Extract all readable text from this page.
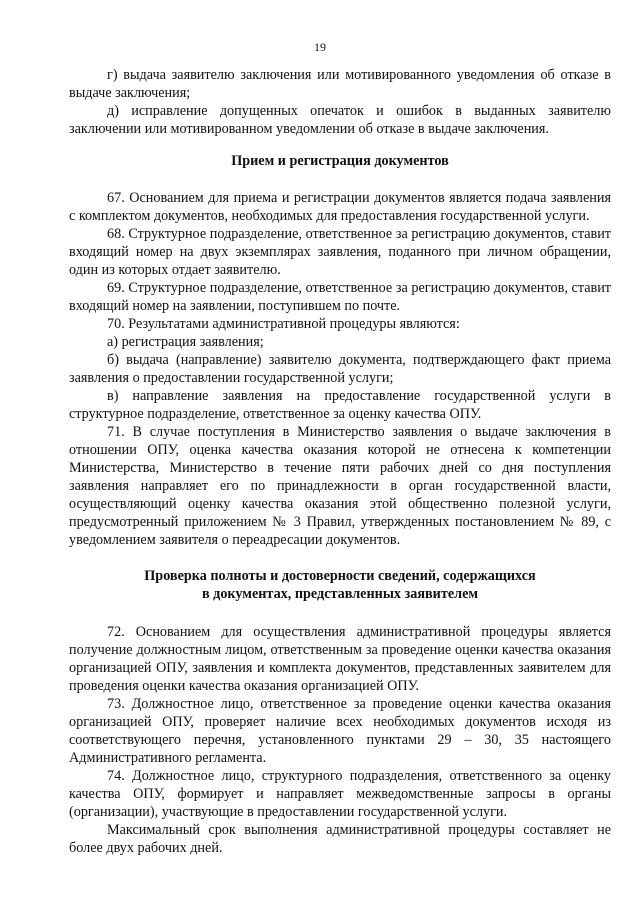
19

г) выдача заявителю заключения или мотивированного уведомления об отказе в выдаче заключения;

д) исправление допущенных опечаток и ошибок в выданных заявителю заключении или мотивированном уведомлении об отказе в выдаче заключения.

Прием и регистрация документов

67. Основанием для приема и регистрации документов является подача заявления с комплектом документов, необходимых для предоставления государственной услуги.

68. Структурное подразделение, ответственное за регистрацию документов, ставит входящий номер на двух экземплярах заявления, поданного при личном обращении, один из которых отдает заявителю.

69. Структурное подразделение, ответственное за регистрацию документов, ставит входящий номер на заявлении, поступившем по почте.

70. Результатами административной процедуры являются:

а) регистрация заявления;

б) выдача (направление) заявителю документа, подтверждающего факт приема заявления о предоставлении государственной услуги;

в) направление заявления на предоставление государственной услуги в структурное подразделение, ответственное за оценку качества ОПУ.

71. В случае поступления в Министерство заявления о выдаче заключения в отношении ОПУ, оценка качества оказания которой не отнесена к компетенции Министерства, Министерство в течение пяти рабочих дней со дня поступления заявления направляет его по принадлежности в орган государственной власти, осуществляющий оценку качества оказания этой общественно полезной услуги, предусмотренный приложением № 3 Правил, утвержденных постановлением № 89, с уведомлением заявителя о переадресации документов.

Проверка полноты и достоверности сведений, содержащихся

в документах, представленных заявителем

72. Основанием для осуществления административной процедуры является получение должностным лицом, ответственным за проведение оценки качества оказания организацией ОПУ, заявления и комплекта документов, представленных заявителем для проведения оценки качества оказания организацией ОПУ.

73. Должностное лицо, ответственное за проведение оценки качества оказания организацией ОПУ, проверяет наличие всех необходимых документов исходя из соответствующего перечня, установленного пунктами 29 – 30, 35 настоящего Административного регламента.

74. Должностное лицо, структурного подразделения, ответственного за оценку качества ОПУ, формирует и направляет межведомственные запросы в органы (организации), участвующие в предоставлении государственной услуги.

Максимальный срок выполнения административной процедуры составляет не более двух рабочих дней.
